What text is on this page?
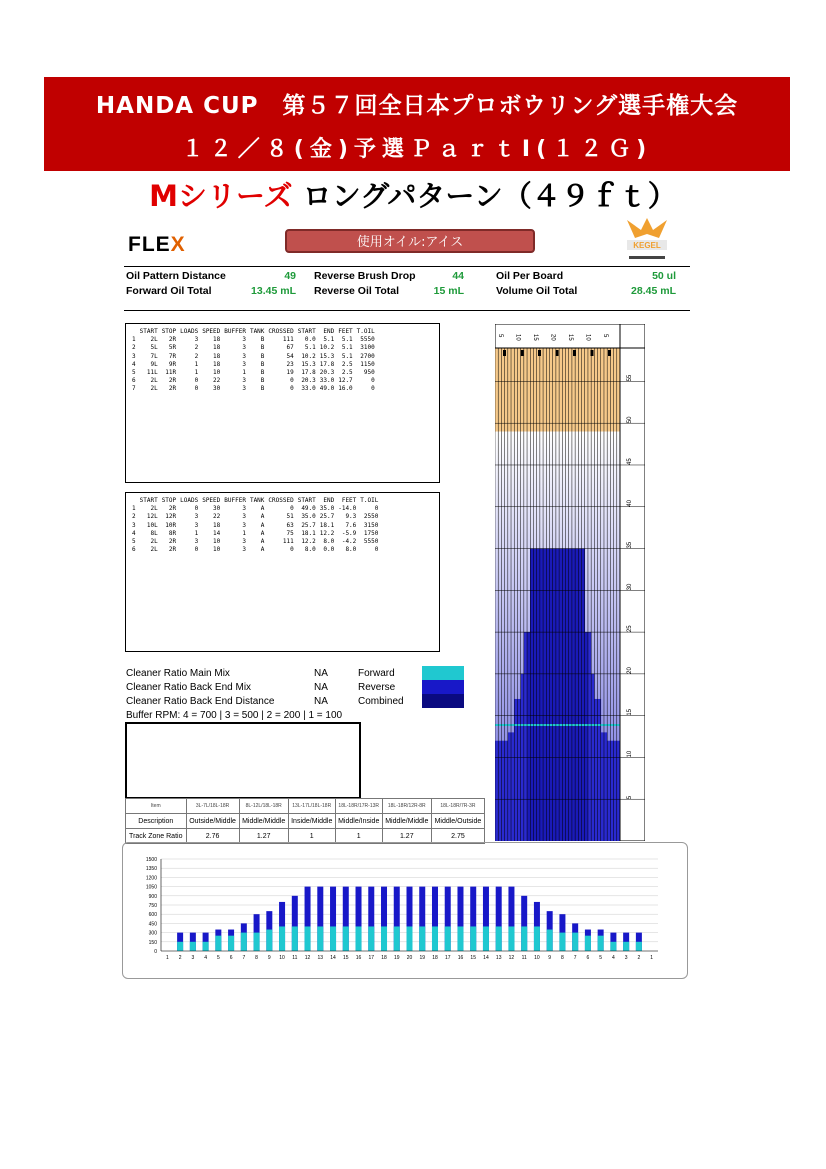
HANDA CUP　第５７回全日本プロボウリング選手権大会
１２／８(金)予選ＰａｒｔⅠ(１２Ｇ)
Mシリーズ ロングパターン（４９ｆｔ）
FLEX	使用オイル:アイス	KEGEL
Oil Pattern Distance	49
Forward Oil Total	13.45 mL
Reverse Brush Drop	44
Reverse Oil Total	15 mL
Oil Per Board	50 ul
Volume Oil Total	28.45 mL
	START	STOP	LOADS	SPEED	BUFFER	TANK	CROSSED	START	END	FEET	T.OIL
1	2L	2R	3	18	3	B	111	0.0	5.1	5.1	5550
2	5L	5R	2	18	3	B	67	5.1	10.2	5.1	3100
3	7L	7R	2	18	3	B	54	10.2	15.3	5.1	2700
4	9L	9R	1	18	3	B	23	15.3	17.8	2.5	1150
5	11L	11R	1	10	1	B	19	17.8	20.3	2.5	950
6	2L	2R	0	22	3	B	0	20.3	33.0	12.7	0
7	2L	2R	0	30	3	B	0	33.0	49.0	16.0	0
	START	STOP	LOADS	SPEED	BUFFER	TANK	CROSSED	START	END	FEET	T.OIL
1	2L	2R	0	30	3	A	0	49.0	35.0	-14.0	0
2	12L	12R	3	22	3	A	51	35.0	25.7	9.3	2550
3	10L	10R	3	18	3	A	63	25.7	18.1	7.6	3150
4	8L	8R	1	14	1	A	75	18.1	12.2	-5.9	1750
5	2L	2R	3	10	3	A	111	12.2	8.0	-4.2	5550
6	2L	2R	0	10	3	A	0	8.0	0.0	8.0	0
Cleaner Ratio Main Mix	NA
Cleaner Ratio Back End Mix	NA
Cleaner Ratio Back End Distance	NA
Buffer RPM: 4 = 700 | 3 = 500 | 2 = 200 | 1 = 100
Forward
Reverse
Combined
Item	3L-7L/18L-18R	8L-12L/18L-18R	13L-17L/18L-18R	18L-18R/17R-13R	18L-18R/12R-8R	18L-18R/7R-3R
Description	Outside/Middle	Middle/Middle	Inside/Middle	Middle/Inside	Middle/Middle	Middle/Outside
Track Zone Ratio	2.76	1.27	1	1	1.27	2.75
55
50
45
40
35
30
25
20
15
10
5
5 10 15 20 15 10 5
0
150
300
450
600
750
900
1050
1200
1350
1500
1 2 3 4 5 6 7 8 9 10 11 12 13 14 15 16 17 18 19 20 19 18 17 16 15 14 13 12 11 10 9 8 7 6 5 4 3 2 1
